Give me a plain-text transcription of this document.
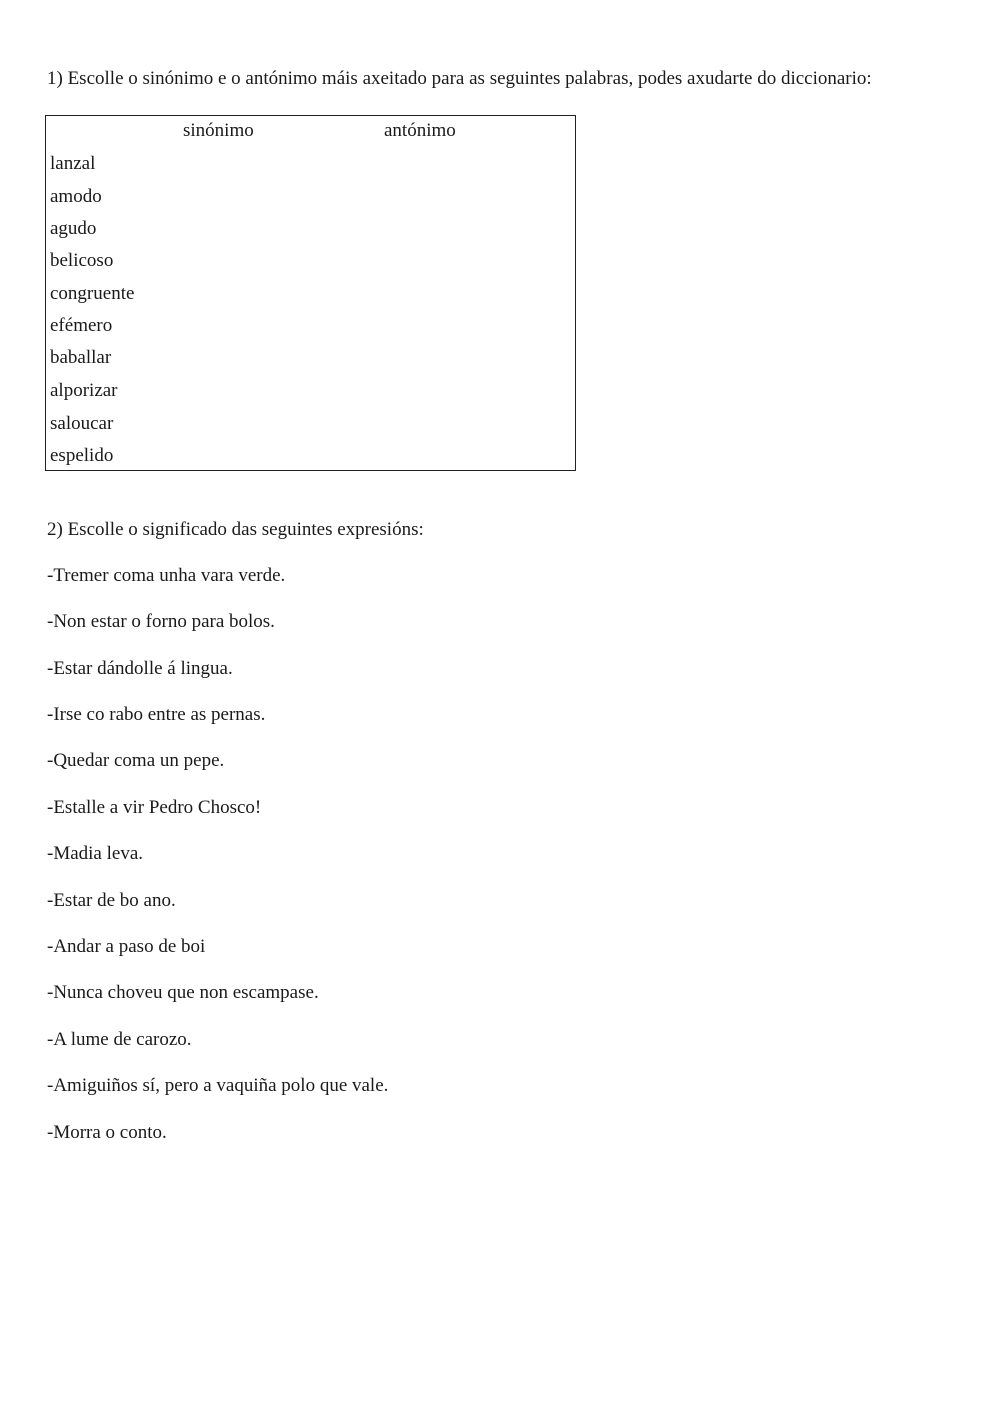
1) Escolle o sinónimo e o antónimo máis axeitado para as seguintes palabras, podes axudarte do diccionario:
sinónimo	antónimo
lanzal
amodo
agudo
belicoso
congruente
efémero
baballar
alporizar
saloucar
espelido
2) Escolle o significado das seguintes expresións:
-Tremer coma unha vara verde.
-Non estar o forno para bolos.
-Estar dándolle á lingua.
-Irse co rabo entre as pernas.
-Quedar coma un pepe.
-Estalle a vir Pedro Chosco!
-Madia leva.
-Estar de bo ano.
-Andar a paso de boi
-Nunca choveu que non escampase.
-A lume de carozo.
-Amiguiños sí, pero a vaquiña polo que vale.
-Morra o conto.
